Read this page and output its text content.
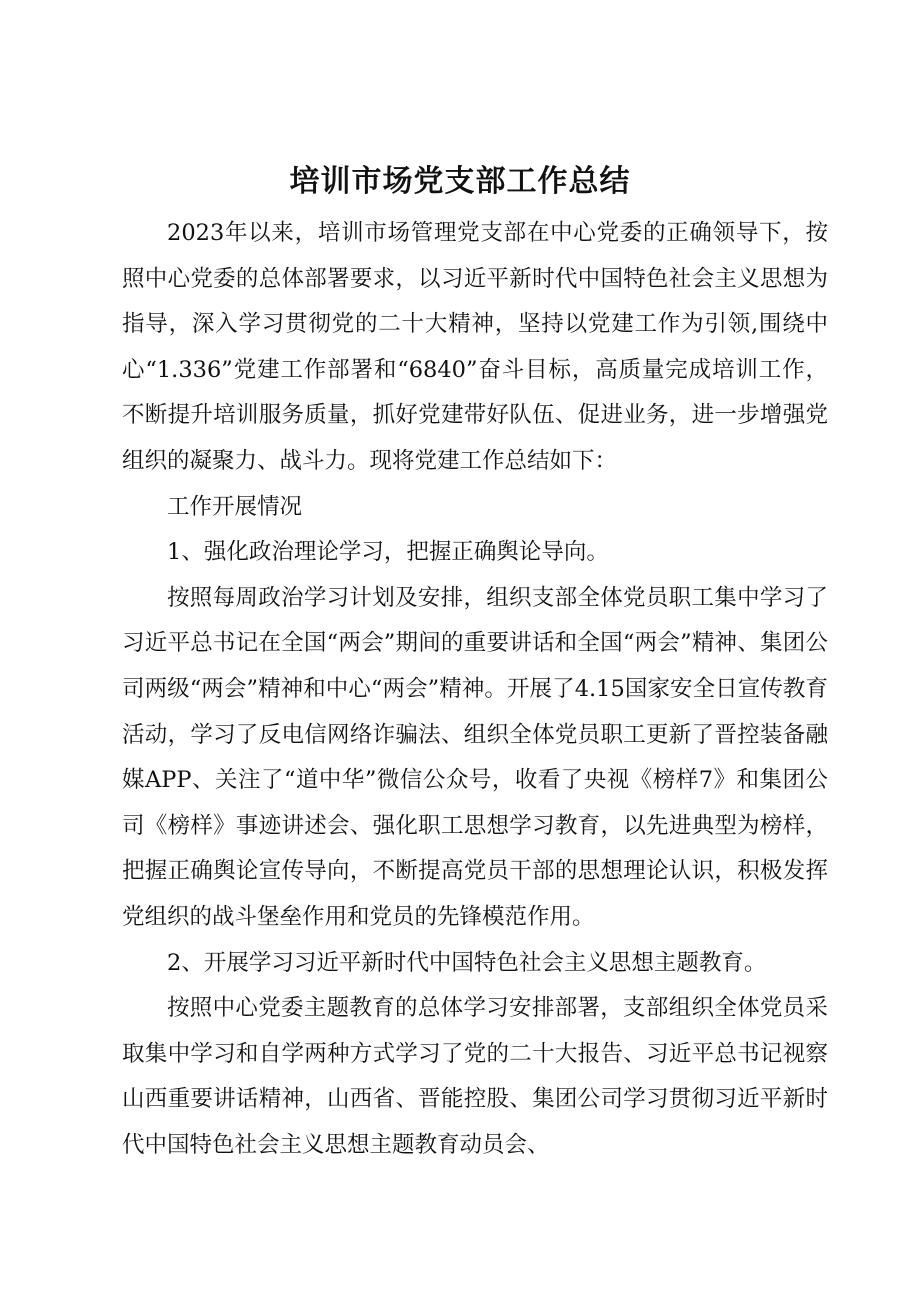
培训市场党支部工作总结

2023年以来，培训市场管理党支部在中心党委的正确领导下，按照中心党委的总体部署要求，以习近平新时代中国特色社会主义思想为指导，深入学习贯彻党的二十大精神，坚持以党建工作为引领,围绕中心“1.336”党建工作部署和“6840”奋斗目标，高质量完成培训工作，不断提升培训服务质量，抓好党建带好队伍、促进业务，进一步增强党组织的凝聚力、战斗力。现将党建工作总结如下：

工作开展情况

1、强化政治理论学习，把握正确舆论导向。

按照每周政治学习计划及安排，组织支部全体党员职工集中学习了习近平总书记在全国“两会”期间的重要讲话和全国“两会”精神、集团公司两级“两会”精神和中心“两会”精神。开展了4.15国家安全日宣传教育活动，学习了反电信网络诈骗法、组织全体党员职工更新了晋控装备融媒APP、关注了“道中华”微信公众号，收看了央视《榜样7》和集团公司《榜样》事迹讲述会、强化职工思想学习教育，以先进典型为榜样，把握正确舆论宣传导向，不断提高党员干部的思想理论认识，积极发挥党组织的战斗堡垒作用和党员的先锋模范作用。

2、开展学习习近平新时代中国特色社会主义思想主题教育。

按照中心党委主题教育的总体学习安排部署，支部组织全体党员采取集中学习和自学两种方式学习了党的二十大报告、习近平总书记视察山西重要讲话精神，山西省、晋能控股、集团公司学习贯彻习近平新时代中国特色社会主义思想主题教育动员会、
